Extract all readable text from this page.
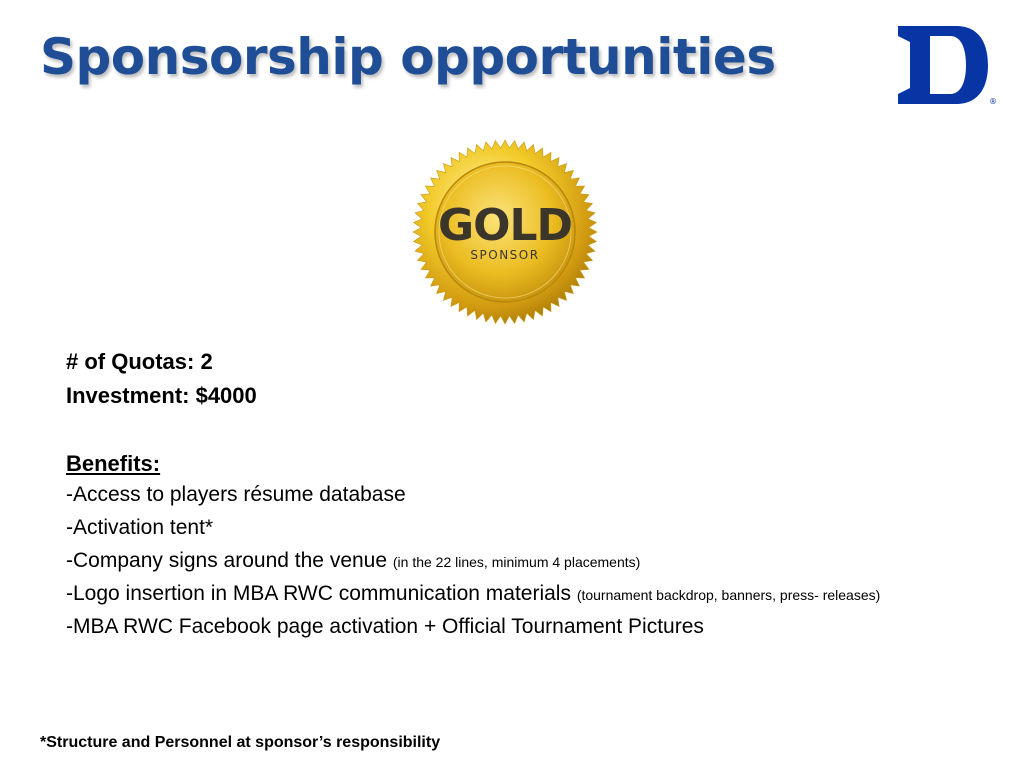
Sponsorship opportunities
®
GOLD
SPONSOR
# of Quotas: 2
Investment: $4000
Benefits:
-Access to players résume database
-Activation tent*
-Company signs around the venue (in the 22 lines, minimum 4 placements)
-Logo insertion in MBA RWC communication materials (tournament backdrop, banners, press- releases)
-MBA RWC Facebook page activation + Official Tournament Pictures
*Structure and Personnel at sponsor’s responsibility
